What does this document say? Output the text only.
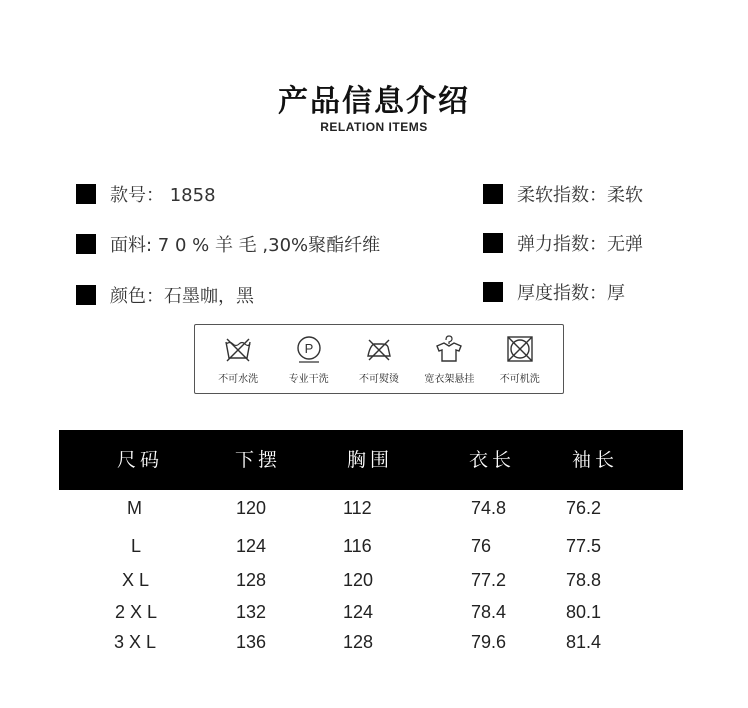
产品信息介绍
RELATION ITEMS
款号： 1858
面料: 7 0 % 羊 毛 ,30%聚酯纤维
颜色：石墨咖，黑
柔软指数：柔软
弹力指数：无弹
厚度指数：厚
不可水洗
P
专业干洗	不可熨烫	宽衣架悬挂	不可机洗
尺码	下摆	胸围	衣长	袖长
M	120	112	74.8	76.2
L	124	116	76	77.5
X L	128	120	77.2	78.8
2 X L	132	124	78.4	80.1
3 X L	136	128	79.6	81.4
